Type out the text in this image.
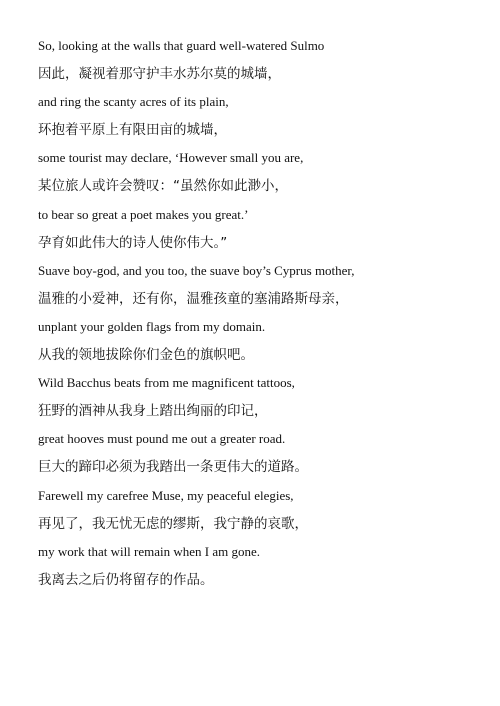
So, looking at the walls that guard well-watered Sulmo
因此，凝视着那守护丰水苏尔莫的城墙，
and ring the scanty acres of its plain,
环抱着平原上有限田亩的城墙，
some tourist may declare, ‘However small you are,
某位旅人或许会赞叹：“虽然你如此渺小，
to bear so great a poet makes you great.’
孕育如此伟大的诗人使你伟大。”
Suave boy-god, and you too, the suave boy’s Cyprus mother,
温雅的小爱神，还有你，温雅孩童的塞浦路斯母亲，
unplant your golden flags from my domain.
从我的领地拔除你们金色的旗帜吧。
Wild Bacchus beats from me magnificent tattoos,
狂野的酒神从我身上踏出绚丽的印记，
great hooves must pound me out a greater road.
巨大的蹄印必须为我踏出一条更伟大的道路。
Farewell my carefree Muse, my peaceful elegies,
再见了，我无忧无虑的缪斯，我宁静的哀歌，
my work that will remain when I am gone.
我离去之后仍将留存的作品。
